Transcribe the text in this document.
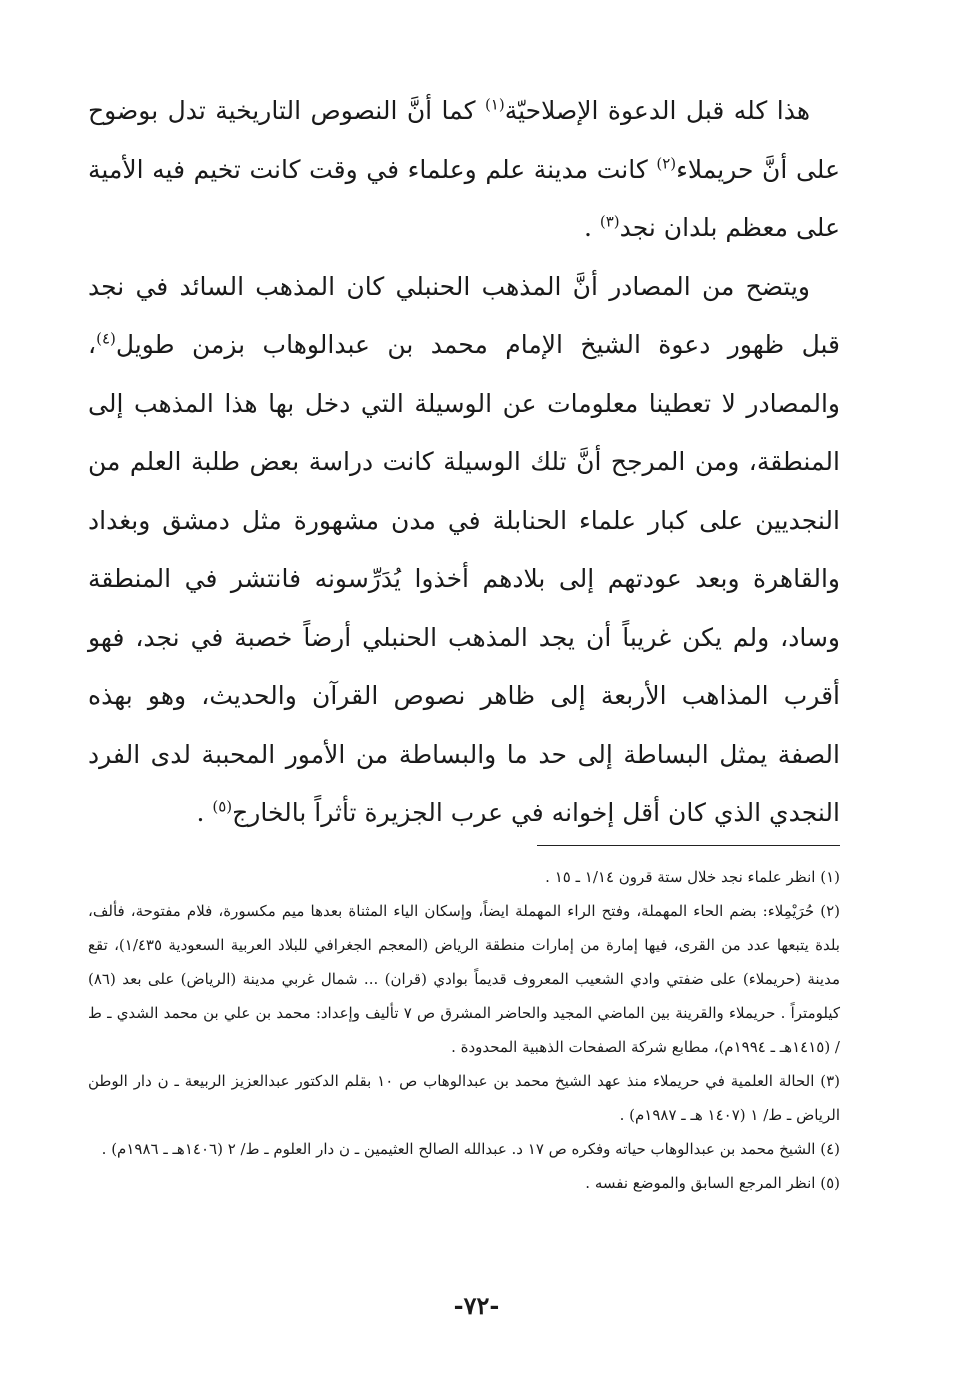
هذا كله قبل الدعوة الإصلاحيّة$^{(١)}$ كما أنَّ النصوص التاريخية تدل بوضوح على أنَّ حريملاء$^{(٢)}$ كانت مدينة علم وعلماء في وقت كانت تخيم فيه الأمية على معظم بلدان نجد$^{(٣)}$ .

ويتضح من المصادر أنَّ المذهب الحنبلي كان المذهب السائد في نجد قبل ظهور دعوة الشيخ الإمام محمد بن عبدالوهاب بزمن طويل$^{(٤)}$، والمصادر لا تعطينا معلومات عن الوسيلة التي دخل بها هذا المذهب إلى المنطقة، ومن المرجح أنَّ تلك الوسيلة كانت دراسة بعض طلبة العلم من النجديين على كبار علماء الحنابلة في مدن مشهورة مثل دمشق وبغداد والقاهرة وبعد عودتهم إلى بلادهم أخذوا يُدَرِّسونه فانتشر في المنطقة وساد، ولم يكن غريباً أن يجد المذهب الحنبلي أرضاً خصبة في نجد، فهو أقرب المذاهب الأربعة إلى ظاهر نصوص القرآن والحديث، وهو بهذه الصفة يمثل البساطة إلى حد ما والبساطة من الأمور المحببة لدى الفرد النجدي الذي كان أقل إخوانه في عرب الجزيرة تأثراً بالخارج$^{(٥)}$ .

(١) انظر علماء نجد خلال ستة قرون ١/١٤ ـ ١٥ .

(٢) حُرَيْمِلاء: بضم الحاء المهملة، وفتح الراء المهملة ايضاً، وإسكان الياء المثناة بعدها ميم مكسورة، فلام مفتوحة، فألف، بلدة يتبعها عدد من القرى، فيها إمارة من إمارات منطقة الرياض (المعجم الجغرافي للبلاد العربية السعودية ١/٤٣٥)، تقع مدينة (حريملاء) على ضفتي وادي الشعيب المعروف قديماً بوادي (قران) ... شمال غربي مدينة (الرياض) على بعد (٨٦) كيلومتراً . حريملاء والقرينة بين الماضي المجيد والحاضر المشرق ص ٧ تأليف وإعداد: محمد بن علي بن محمد الشدي ـ ط / (١٤١٥هـ ـ ١٩٩٤م)، مطابع شركة الصفحات الذهبية المحدودة .

(٣) الحالة العلمية في حريملاء منذ عهد الشيخ محمد بن عبدالوهاب ص ١٠ بقلم الدكتور عبدالعزيز الربيعة ـ ن دار الوطن الرياض ـ ط/ ١ (١٤٠٧ هـ ـ ١٩٨٧م) .

(٤) الشيخ محمد بن عبدالوهاب حياته وفكره ص ١٧ د. عبدالله الصالح العثيمين ـ ن دار العلوم ـ ط/ ٢ (١٤٠٦هـ ـ ١٩٨٦م) .

(٥) انظر المرجع السابق والموضع نفسه .

-٧٢-
